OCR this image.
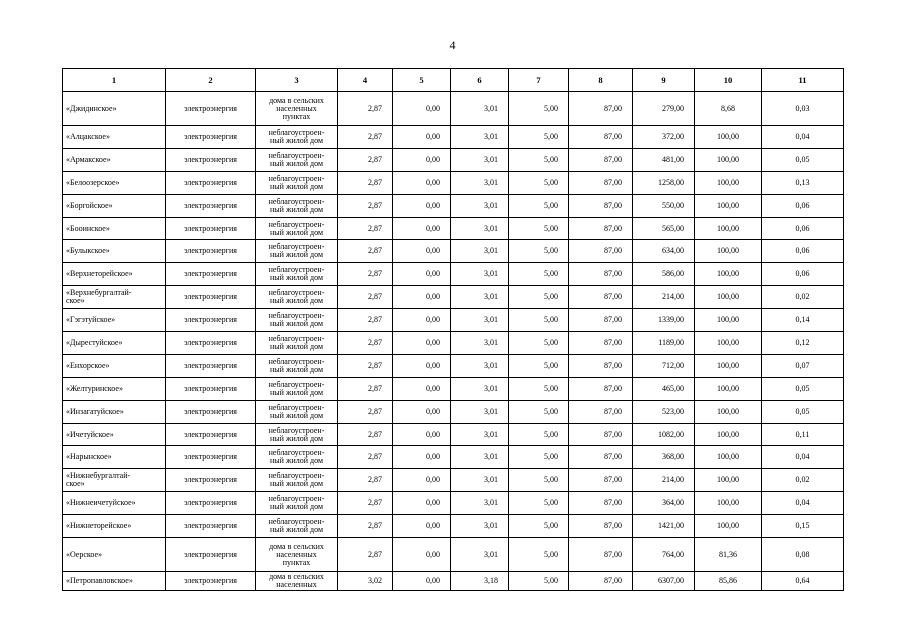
4
1	2	3	4	5	6	7	8	9	10	11
«Джидинское»	электроэнергия	дома в сельских
населенных
пунктах	2,87	0,00	3,01	5,00	87,00	279,00	8,68	0,03
«Алцакское»	электроэнергия	неблагоустроен-
ный жилой дом	2,87	0,00	3,01	5,00	87,00	372,00	100,00	0,04
«Армакское»	электроэнергия	неблагоустроен-
ный жилой дом	2,87	0,00	3,01	5,00	87,00	481,00	100,00	0,05
«Белоозерское»	электроэнергия	неблагоустроен-
ный жилой дом	2,87	0,00	3,01	5,00	87,00	1258,00	100,00	0,13
«Боргойское»	электроэнергия	неблагоустроен-
ный жилой дом	2,87	0,00	3,01	5,00	87,00	550,00	100,00	0,06
«Бооинское»	электроэнергия	неблагоустроен-
ный жилой дом	2,87	0,00	3,01	5,00	87,00	565,00	100,00	0,06
«Булыкское»	электроэнергия	неблагоустроен-
ный жилой дом	2,87	0,00	3,01	5,00	87,00	634,00	100,00	0,06
«Верхнеторейское»	электроэнергия	неблагоустроен-
ный жилой дом	2,87	0,00	3,01	5,00	87,00	586,00	100,00	0,06
«Верхнебургалтай-
ское»	электроэнергия	неблагоустроен-
ный жилой дом	2,87	0,00	3,01	5,00	87,00	214,00	100,00	0,02
«Гэгэтуйское»	электроэнергия	неблагоустроен-
ный жилой дом	2,87	0,00	3,01	5,00	87,00	1339,00	100,00	0,14
«Дырестуйское»	электроэнергия	неблагоустроен-
ный жилой дом	2,87	0,00	3,01	5,00	87,00	1189,00	100,00	0,12
«Енхорское»	электроэнергия	неблагоустроен-
ный жилой дом	2,87	0,00	3,01	5,00	87,00	712,00	100,00	0,07
«Желтуринское»	электроэнергия	неблагоустроен-
ный жилой дом	2,87	0,00	3,01	5,00	87,00	465,00	100,00	0,05
«Инзагатуйское»	электроэнергия	неблагоустроен-
ный жилой дом	2,87	0,00	3,01	5,00	87,00	523,00	100,00	0,05
«Ичетуйское»	электроэнергия	неблагоустроен-
ный жилой дом	2,87	0,00	3,01	5,00	87,00	1082,00	100,00	0,11
«Нарынское»	электроэнергия	неблагоустроен-
ный жилой дом	2,87	0,00	3,01	5,00	87,00	368,00	100,00	0,04
«Нижнебургалтай-
ское»	электроэнергия	неблагоустроен-
ный жилой дом	2,87	0,00	3,01	5,00	87,00	214,00	100,00	0,02
«Нижнеичетуйское»	электроэнергия	неблагоустроен-
ный жилой дом	2,87	0,00	3,01	5,00	87,00	364,00	100,00	0,04
«Нижнеторейское»	электроэнергия	неблагоустроен-
ный жилой дом	2,87	0,00	3,01	5,00	87,00	1421,00	100,00	0,15
«Оерское»	электроэнергия	дома в сельских
населенных
пунктах	2,87	0,00	3,01	5,00	87,00	764,00	81,36	0,08
«Петропавловское»	электроэнергия	дома в сельских
населенных	3,02	0,00	3,18	5,00	87,00	6307,00	85,86	0,64
